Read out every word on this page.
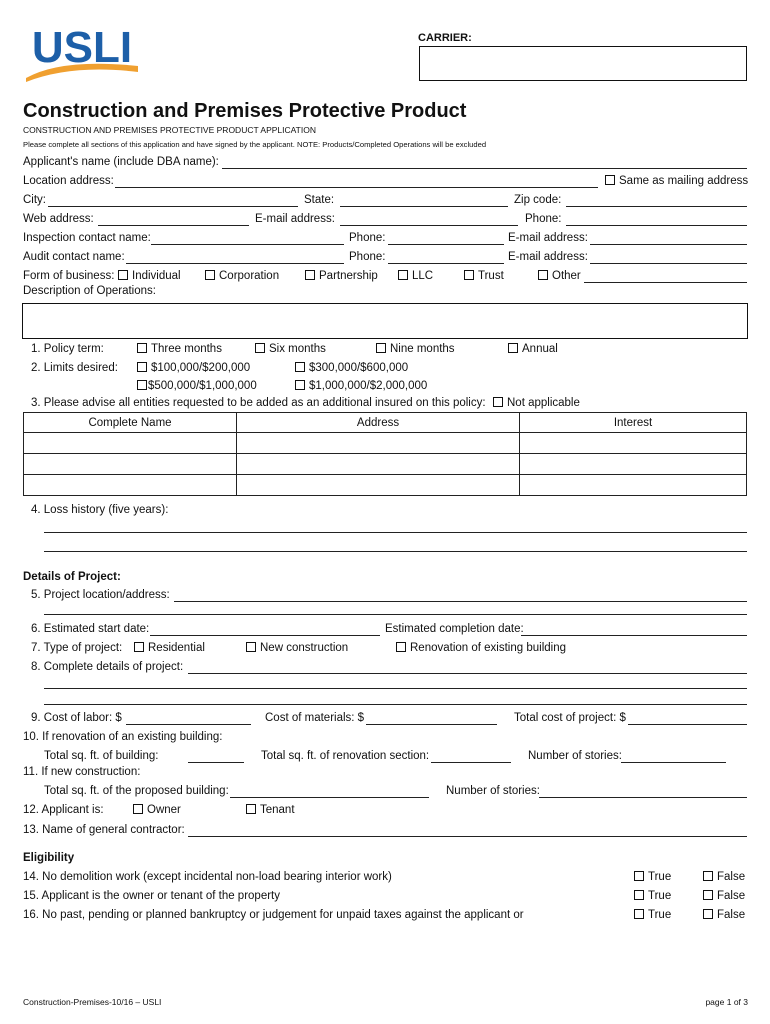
USLI	CARRIER:
Construction and Premises Protective Product
CONSTRUCTION AND PREMISES PROTECTIVE PRODUCT APPLICATION
Please complete all sections of this application and have signed by the applicant. NOTE: Products/Completed Operations will be excluded
Applicant's name (include DBA name):
Location address:	Same as mailing address
City:	State:	Zip code:
Web address:	E-mail address:	Phone:
Inspection contact name:	Phone:	E-mail address:
Audit contact name:	Phone:	E-mail address:
Form of business:	Individual	Corporation	Partnership	LLC	Trust	Other
Description of Operations:
1. Policy term:	Three months	Six months	Nine months	Annual
2. Limits desired:	$100,000/$200,000	$300,000/$600,000
$500,000/$1,000,000	$1,000,000/$2,000,000
3. Please advise all entities requested to be added as an additional insured on this policy:	Not applicable
Complete Name	Address	Interest

4. Loss history (five years):
Details of Project:
5. Project location/address:
6. Estimated start date:	Estimated completion date:
7. Type of project:	Residential	New construction	Renovation of existing building
8. Complete details of project:
9. Cost of labor: $	Cost of materials: $	Total cost of project: $
10. If renovation of an existing building:
Total sq. ft. of building:	Total sq. ft. of renovation section:	Number of stories:
11. If new construction:
Total sq. ft. of the proposed building:	Number of stories:
12. Applicant is:	Owner	Tenant
13. Name of general contractor:
Eligibility
14. No demolition work (except incidental non-load bearing interior work)	True	False
15. Applicant is the owner or tenant of the property	True	False
16. No past, pending or planned bankruptcy or judgement for unpaid taxes against the applicant or	True	False
Construction-Premises-10/16 – USLI	page 1 of 3
